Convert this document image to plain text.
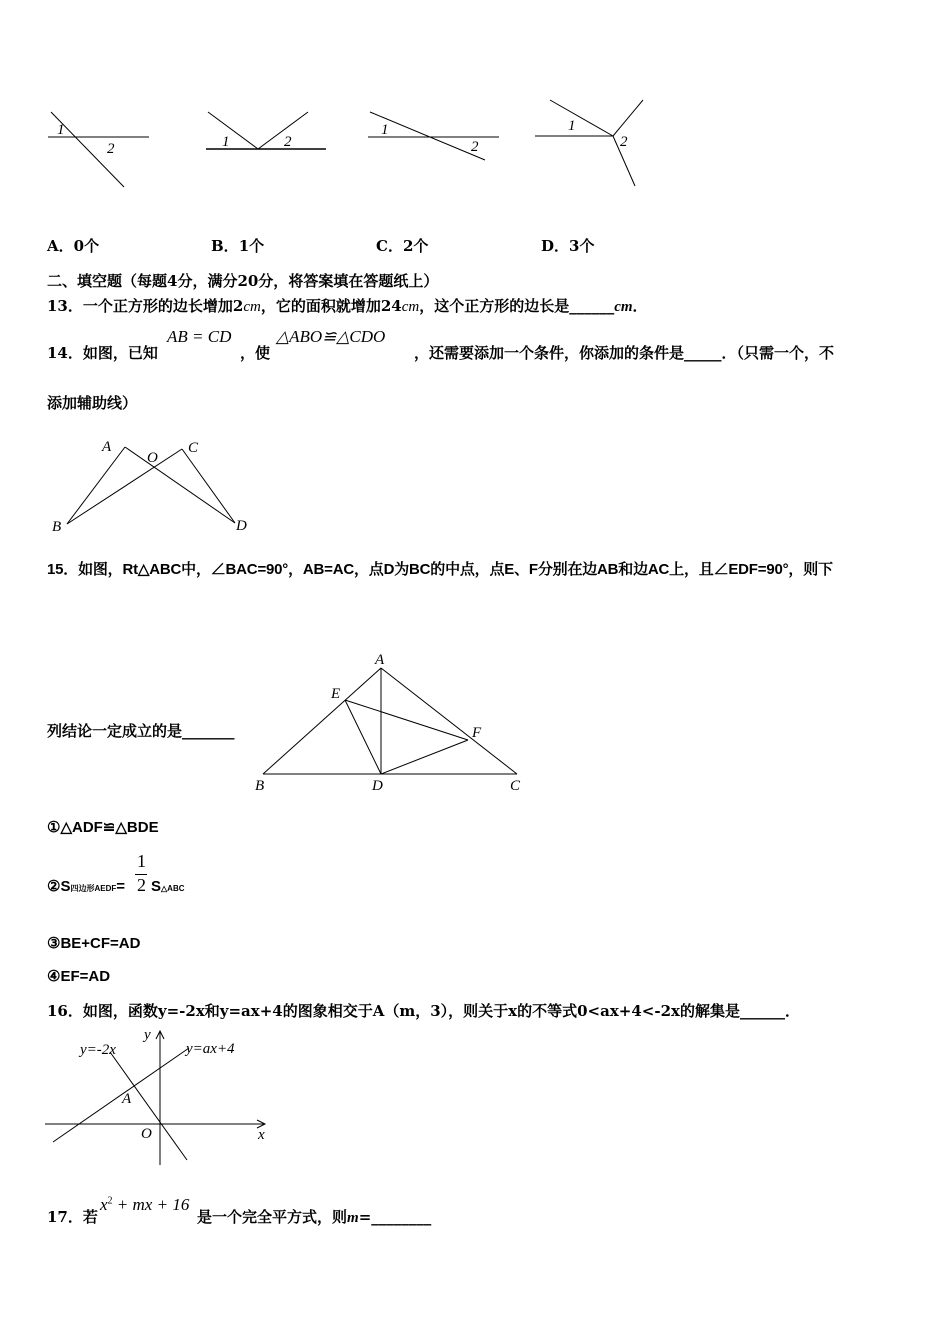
1
2	1	2
1
2
1
2
A．0个	B．1个	C．2个	D．3个
二、填空题（每题4分，满分20分，将答案填在答题纸上）
13．一个正方形的边长增加2cm，它的面积就增加24cm，这个正方形的边长是______cm．
14．如图，已知
AB = CD
，使
△ABO≌△CDO
，还需要添加一个条件，你添加的条件是_____．（只需一个，不
添加辅助线）
A
O
C
B	D
15．如图，Rt△ABC中，∠BAC=90°，AB=AC，点D为BC的中点，点E、F分别在边AB和边AC上，且∠EDF=90°，则下
列结论一定成立的是_______
A
E
F
B	D	C
①△ADF≌△BDE
②S四边形AEDF=
1
2 S△ABC
③BE+CF=AD
④EF=AD
16．如图，函数y=-2x和y=ax+4的图象相交于A（m，3），则关于x的不等式0<ax+4<-2x的解集是______．
y
x
O
A
y=-2x	y=ax+4
17．若
$x^2$ + mx + 16
是一个完全平方式，则m=________
